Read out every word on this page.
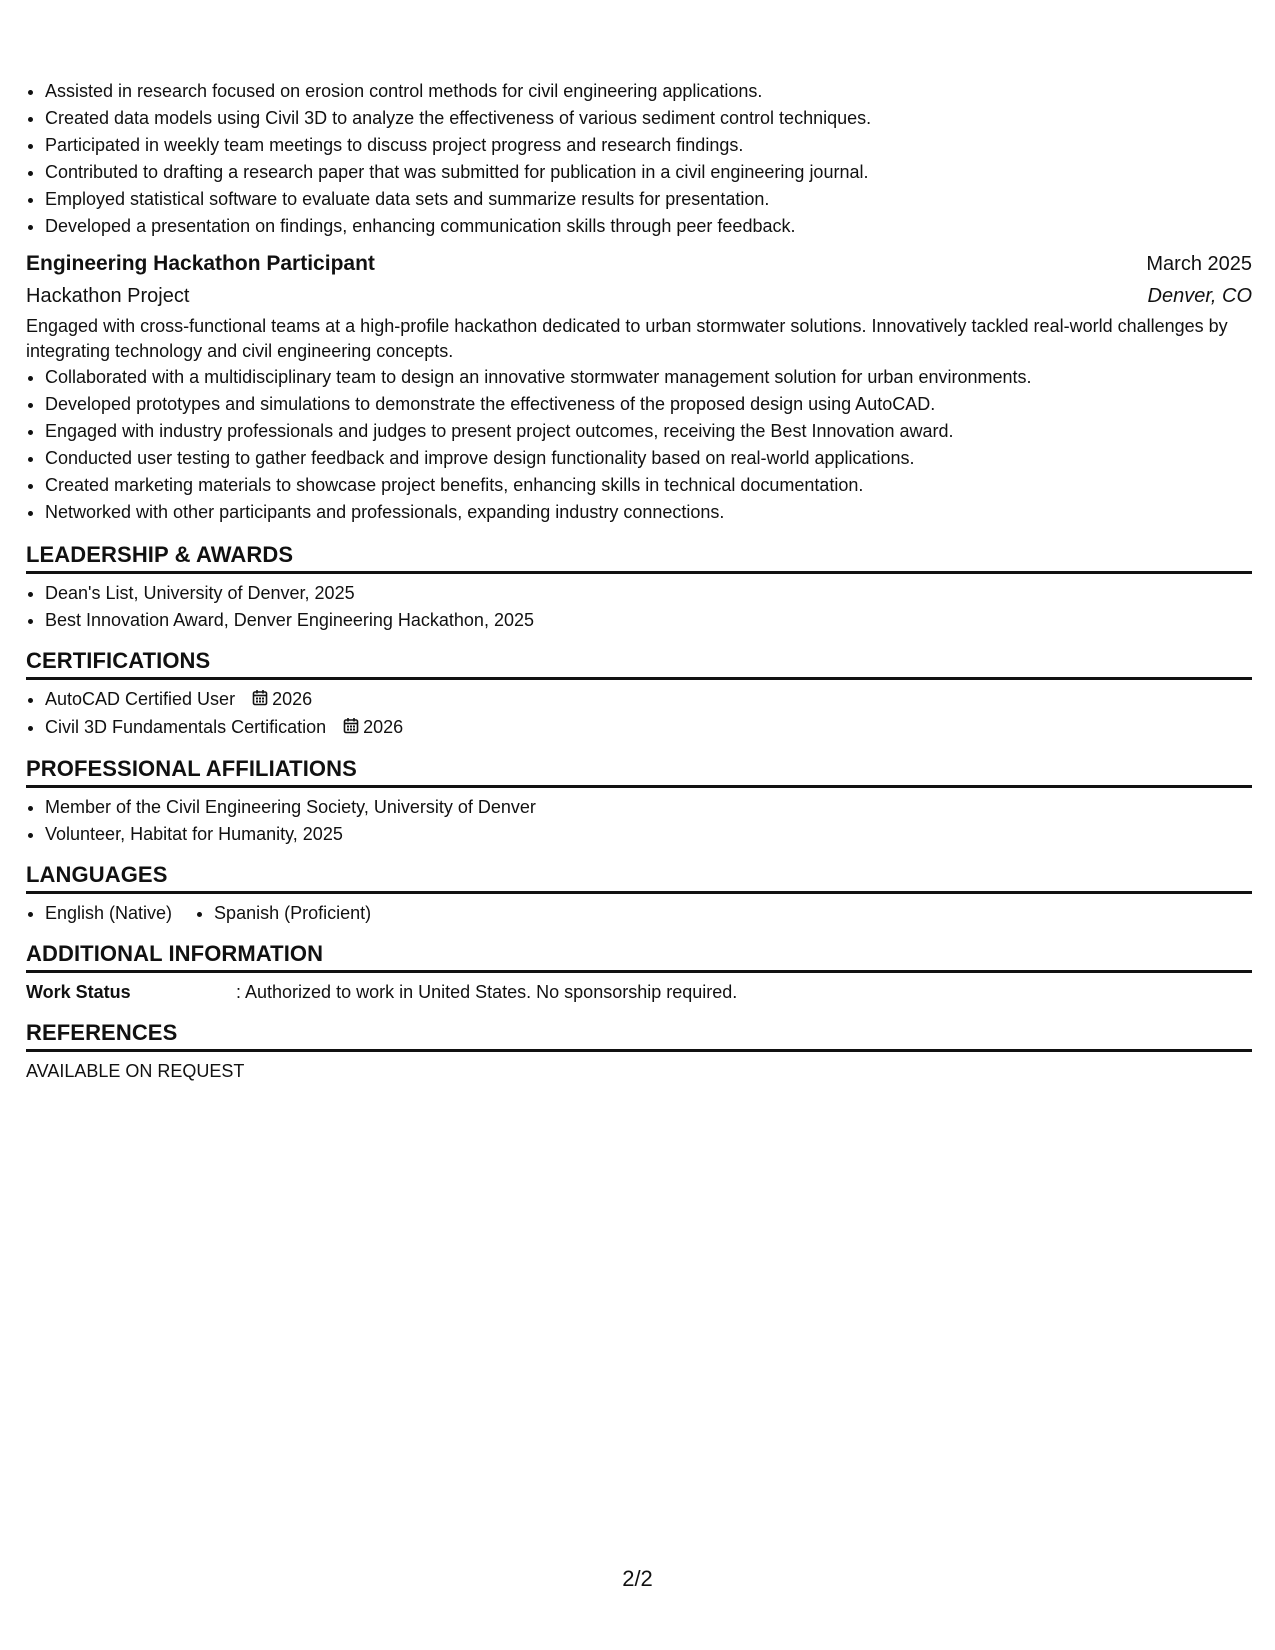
• Assisted in research focused on erosion control methods for civil engineering applications.
• Created data models using Civil 3D to analyze the effectiveness of various sediment control techniques.
• Participated in weekly team meetings to discuss project progress and research findings.
• Contributed to drafting a research paper that was submitted for publication in a civil engineering journal.
• Employed statistical software to evaluate data sets and summarize results for presentation.
• Developed a presentation on findings, enhancing communication skills through peer feedback.
Engineering Hackathon Participant	March 2025
Hackathon Project	Denver, CO
Engaged with cross-functional teams at a high-profile hackathon dedicated to urban stormwater solutions. Innovatively tackled real-world challenges by integrating technology and civil engineering concepts.
• Collaborated with a multidisciplinary team to design an innovative stormwater management solution for urban environments.
• Developed prototypes and simulations to demonstrate the effectiveness of the proposed design using AutoCAD.
• Engaged with industry professionals and judges to present project outcomes, receiving the Best Innovation award.
• Conducted user testing to gather feedback and improve design functionality based on real-world applications.
• Created marketing materials to showcase project benefits, enhancing skills in technical documentation.
• Networked with other participants and professionals, expanding industry connections.
LEADERSHIP & AWARDS
• Dean's List, University of Denver, 2025
• Best Innovation Award, Denver Engineering Hackathon, 2025
CERTIFICATIONS
• AutoCAD Certified User 2026
• Civil 3D Fundamentals Certification 2026
PROFESSIONAL AFFILIATIONS
• Member of the Civil Engineering Society, University of Denver
• Volunteer, Habitat for Humanity, 2025
LANGUAGES
• English (Native)
• Spanish (Proficient)
ADDITIONAL INFORMATION
Work Status	: Authorized to work in United States. No sponsorship required.
REFERENCES
AVAILABLE ON REQUEST
2/2
